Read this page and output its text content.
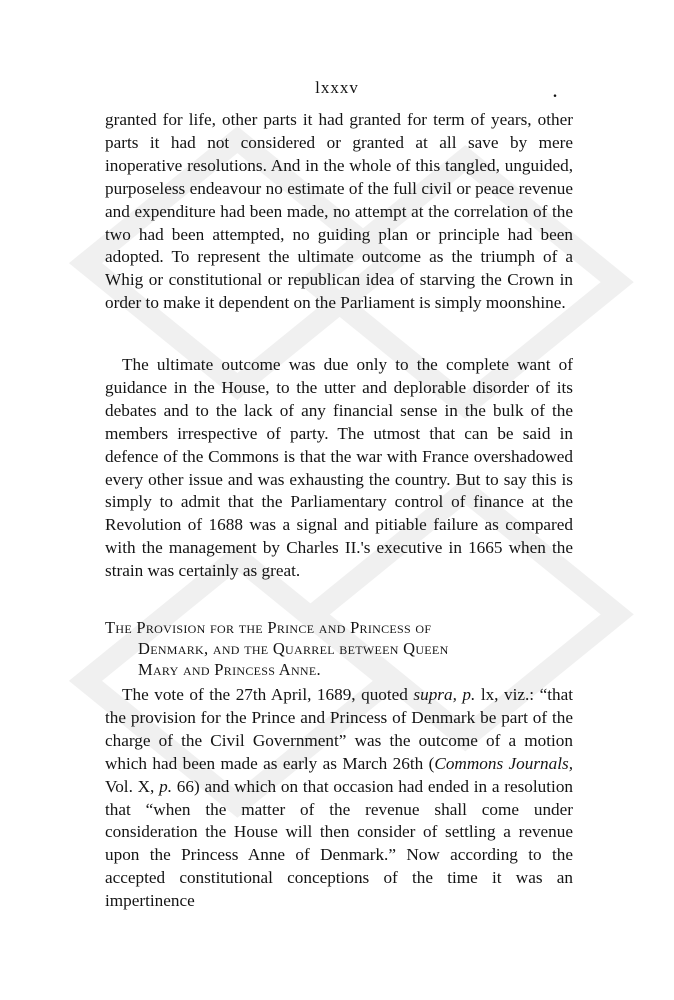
lxxxv	.

granted for life, other parts it had granted for term of years, other parts it had not considered or granted at all save by mere inoperative resolutions. And in the whole of this tangled, unguided, purposeless endeavour no estimate of the full civil or peace revenue and expenditure had been made, no attempt at the correlation of the two had been attempted, no guiding plan or principle had been adopted. To represent the ultimate outcome as the triumph of a Whig or constitutional or republican idea of starving the Crown in order to make it dependent on the Parliament is simply moonshine.

The ultimate outcome was due only to the complete want of guidance in the House, to the utter and deplorable disorder of its debates and to the lack of any financial sense in the bulk of the members irrespective of party. The utmost that can be said in defence of the Commons is that the war with France overshadowed every other issue and was exhausting the country. But to say this is simply to admit that the Parliamentary control of finance at the Revolution of 1688 was a signal and pitiable failure as compared with the management by Charles II.'s executive in 1665 when the strain was certainly as great.

The Provision for the Prince and Princess of
Denmark, and the Quarrel between Queen
Mary and Princess Anne.

The vote of the 27th April, 1689, quoted supra, p. lx, viz.: “that the provision for the Prince and Princess of Denmark be part of the charge of the Civil Government” was the outcome of a motion which had been made as early as March 26th (Commons Journals, Vol. X, p. 66) and which on that occasion had ended in a resolution that “when the matter of the revenue shall come under consideration the House will then consider of settling a revenue upon the Princess Anne of Denmark.” Now according to the accepted constitutional conceptions of the time it was an impertinence
